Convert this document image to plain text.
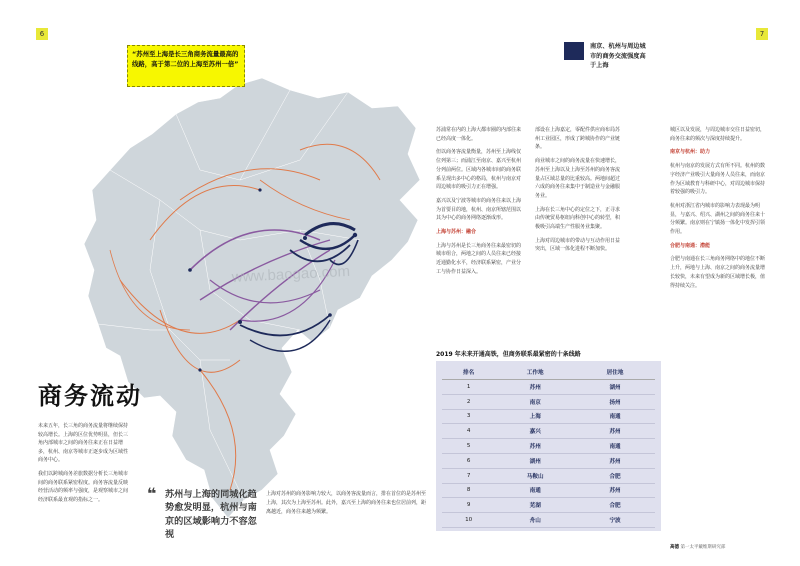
6	7
www.baogao.com
“苏州至上海是长三角商务流量最高的线路，高于第二位的上海至苏州一倍”
商务流动

未来五年，长三角的商务流量将继续保持较高增长。上海的区位优势明显，但长三角内部城市之间的商务往来正在日益增多，杭州、南京等城市正逐步成为区域性商务中心。

我们以跨城商务差旅数据分析长三角城市间的商务联系紧密程度。商务客流量反映经营活动的频率与强度，是观察城市之间经济联系最直观的指标之一。	❝ 苏州与上海的同城化趋势愈发明显，杭州与南京的区域影响力不容忽视
上海对苏州的商务影响力较大，以商务客流量而言，排在首位的是苏州至上海，其次为上海至苏州。此外，嘉兴至上海的商务往来也位居前列，距离越近，商务往来越为频繁。
南京、杭州与周边城市的商务交流强度高于上海

苏浦常在内的上海大都市圈的内部往来已经高度一体化。

但以商务客流量衡量，苏州至上海线仅位列第三；而浦江至南京、嘉兴至杭州分列前两位。区域内各城市间的商务联系呈现出多中心的格局，杭州与南京对周边城市的吸引力正在增强。

嘉兴以及宁波等城市的商务往来以上海为首要目的地，杭州、南京所辖范围以其为中心的商务网络逐渐成形。

上海与苏州：融合

上海与苏州是长三角商务往来最密切的城市组合，两地之间的人员往来已经接近通勤化水平，经济联系紧密，产业分工与协作日益深入。

部设在上海嘉定，零配件供应商布局苏州工业园区，形成了跨城协作的产业链条。

商业城市之间的商务流量在快速增长，苏州至上海以及上海至苏州的商务客流量占区域总量的比重较高。两地间超过六成的商务往来集中于制造业与金融服务业。

上海在长三角中心的定位之下，正寻求由传统贸易枢纽向科创中心的转型，积极吸引高端生产性服务业集聚。

上海对周边城市的带动与互动作用日益突出，区域一体化进程不断加快。

城区以及发展，与周边城市交往日益密切，商务往来的频次与深度持续提升。

南京与杭州：助力

杭州与南京的发展方式有所不同。杭州的数字经济产业吸引大量商务人员往来，而南京作为区域教育与科研中心，对周边城市保持着较强的吸引力。

杭州对浙江省内城市的影响力表现最为明显，与嘉兴、绍兴、湖州之间的商务往来十分频繁。南京则在宁镇扬一体化中发挥引领作用。

合肥与南通：潜能

合肥与南通在长三角商务网络中的地位不断上升，两地与上海、南京之间的商务流量增长较快，未来有望成为新的区域增长极，值得持续关注。

2019 年未来开通高铁，但商务联系最紧密的十条线路
排名	工作地	居住地
1	苏州	湖州
2	南京	扬州
3	上海	南通
4	嘉兴	苏州
5	苏州	南通
6	湖州	苏州
7	马鞍山	合肥
8	南通	苏州
9	芜湖	合肥
10	舟山	宁波
高德 第一太平戴维斯研究部
